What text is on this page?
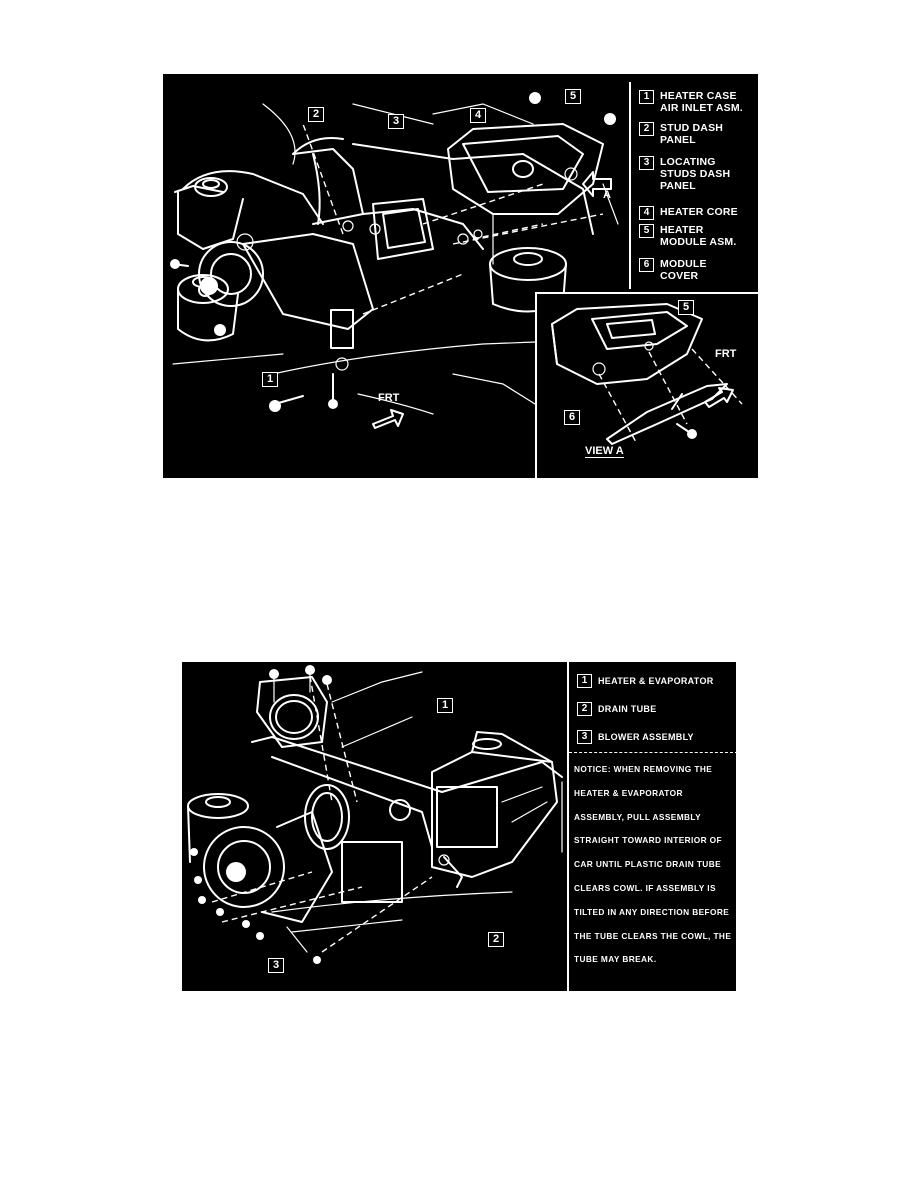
2
3	4
5
1
A
FRT
1	HEATER CASE AIR INLET ASM.
2	STUD DASH PANEL
3	LOCATING STUDS DASH PANEL
4	HEATER CORE
5	HEATER MODULE ASM.
6	MODULE COVER
5
6
FRT
VIEW A
1
2
3
1	HEATER & EVAPORATOR
2	DRAIN TUBE
3	BLOWER ASSEMBLY
NOTICE: WHEN REMOVING THE HEATER & EVAPORATOR ASSEMBLY, PULL ASSEMBLY STRAIGHT TOWARD INTERIOR OF CAR UNTIL PLASTIC DRAIN TUBE CLEARS COWL. IF ASSEMBLY IS TILTED IN ANY DIRECTION BEFORE THE TUBE CLEARS THE COWL, THE TUBE MAY BREAK.
